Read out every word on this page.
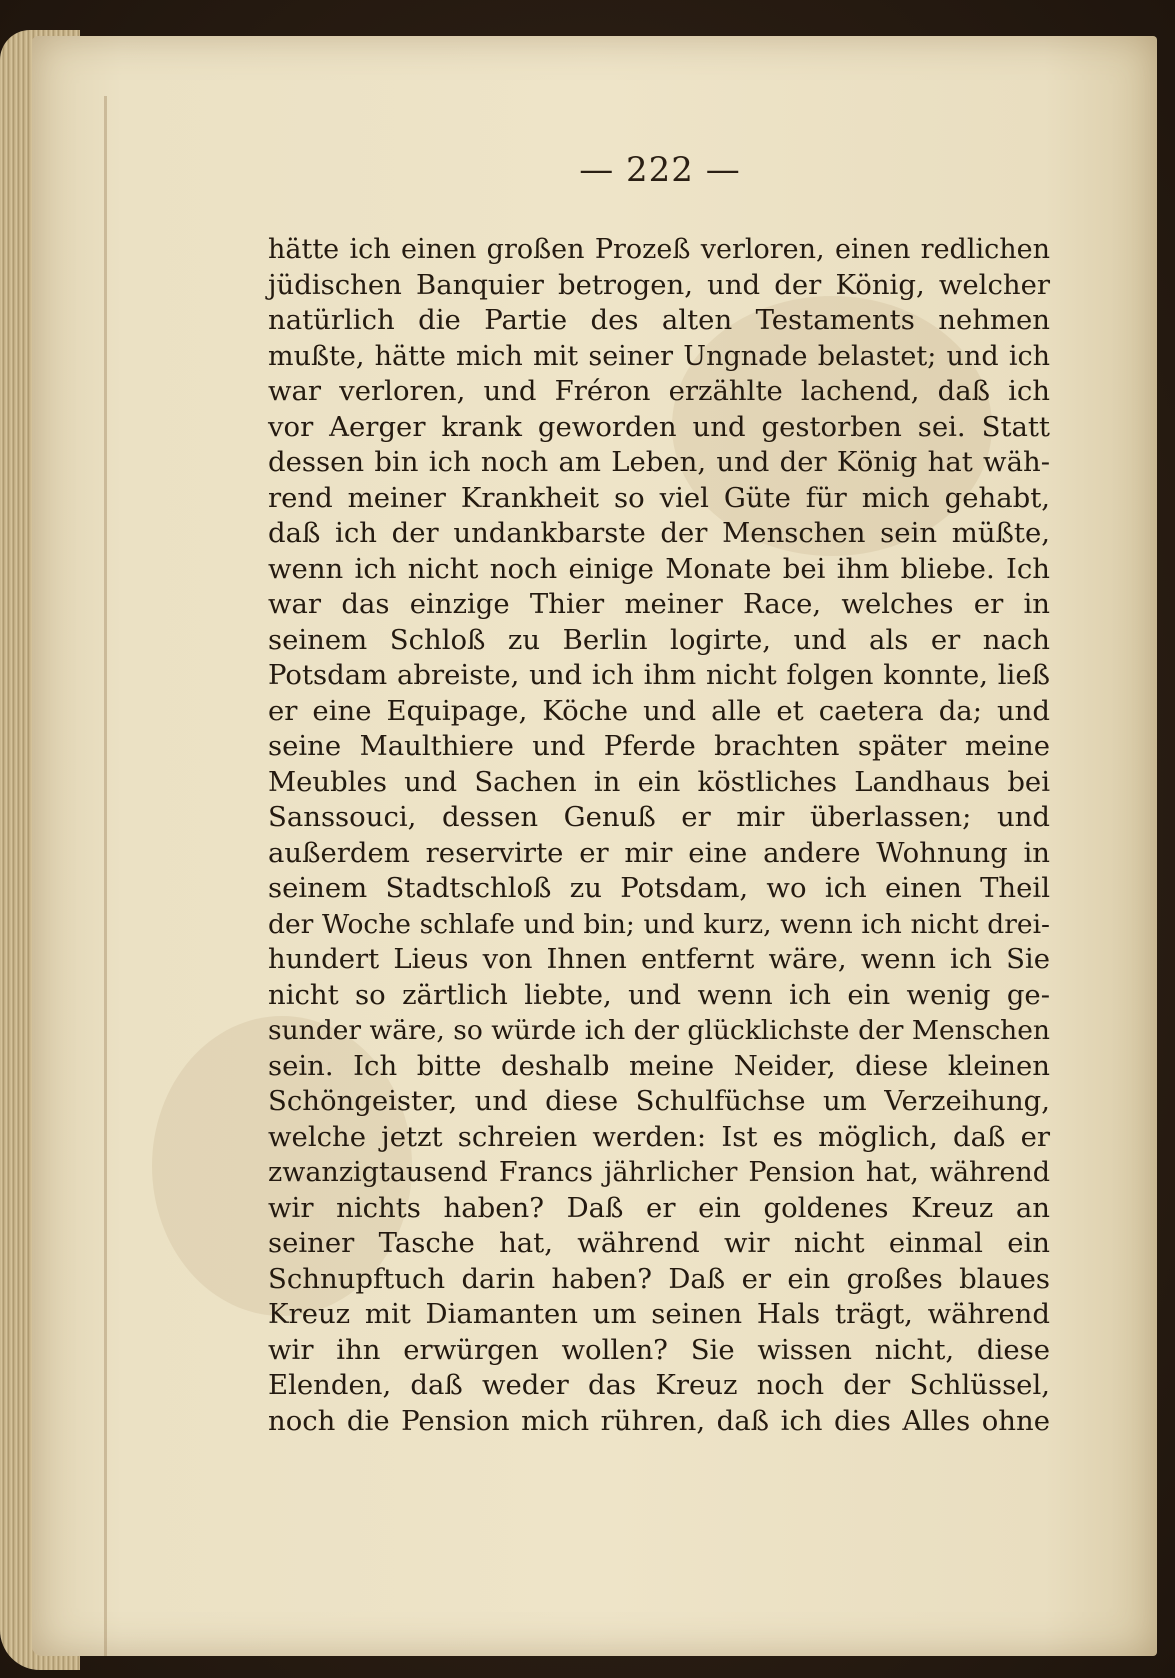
— 222 —
hätte ich einen großen Prozeß verloren, einen redlichen
jüdischen Banquier betrogen, und der König, welcher
natürlich die Partie des alten Testaments nehmen
mußte, hätte mich mit seiner Ungnade belastet; und ich
war verloren, und Fréron erzählte lachend, daß ich
vor Aerger krank geworden und gestorben sei. Statt
dessen bin ich noch am Leben, und der König hat wäh-
rend meiner Krankheit so viel Güte für mich gehabt,
daß ich der undankbarste der Menschen sein müßte,
wenn ich nicht noch einige Monate bei ihm bliebe. Ich
war das einzige Thier meiner Race, welches er in
seinem Schloß zu Berlin logirte, und als er nach
Potsdam abreiste, und ich ihm nicht folgen konnte, ließ
er eine Equipage, Köche und alle et caetera da; und
seine Maulthiere und Pferde brachten später meine
Meubles und Sachen in ein köstliches Landhaus bei
Sanssouci, dessen Genuß er mir überlassen; und
außerdem reservirte er mir eine andere Wohnung in
seinem Stadtschloß zu Potsdam, wo ich einen Theil
der Woche schlafe und bin; und kurz, wenn ich nicht drei-
hundert Lieus von Ihnen entfernt wäre, wenn ich Sie
nicht so zärtlich liebte, und wenn ich ein wenig ge-
sunder wäre, so würde ich der glücklichste der Menschen
sein. Ich bitte deshalb meine Neider, diese kleinen
Schöngeister, und diese Schulfüchse um Verzeihung,
welche jetzt schreien werden: Ist es möglich, daß er
zwanzigtausend Francs jährlicher Pension hat, während
wir nichts haben? Daß er ein goldenes Kreuz an
seiner Tasche hat, während wir nicht einmal ein
Schnupftuch darin haben? Daß er ein großes blaues
Kreuz mit Diamanten um seinen Hals trägt, während
wir ihn erwürgen wollen? Sie wissen nicht, diese
Elenden, daß weder das Kreuz noch der Schlüssel,
noch die Pension mich rühren, daß ich dies Alles ohne
